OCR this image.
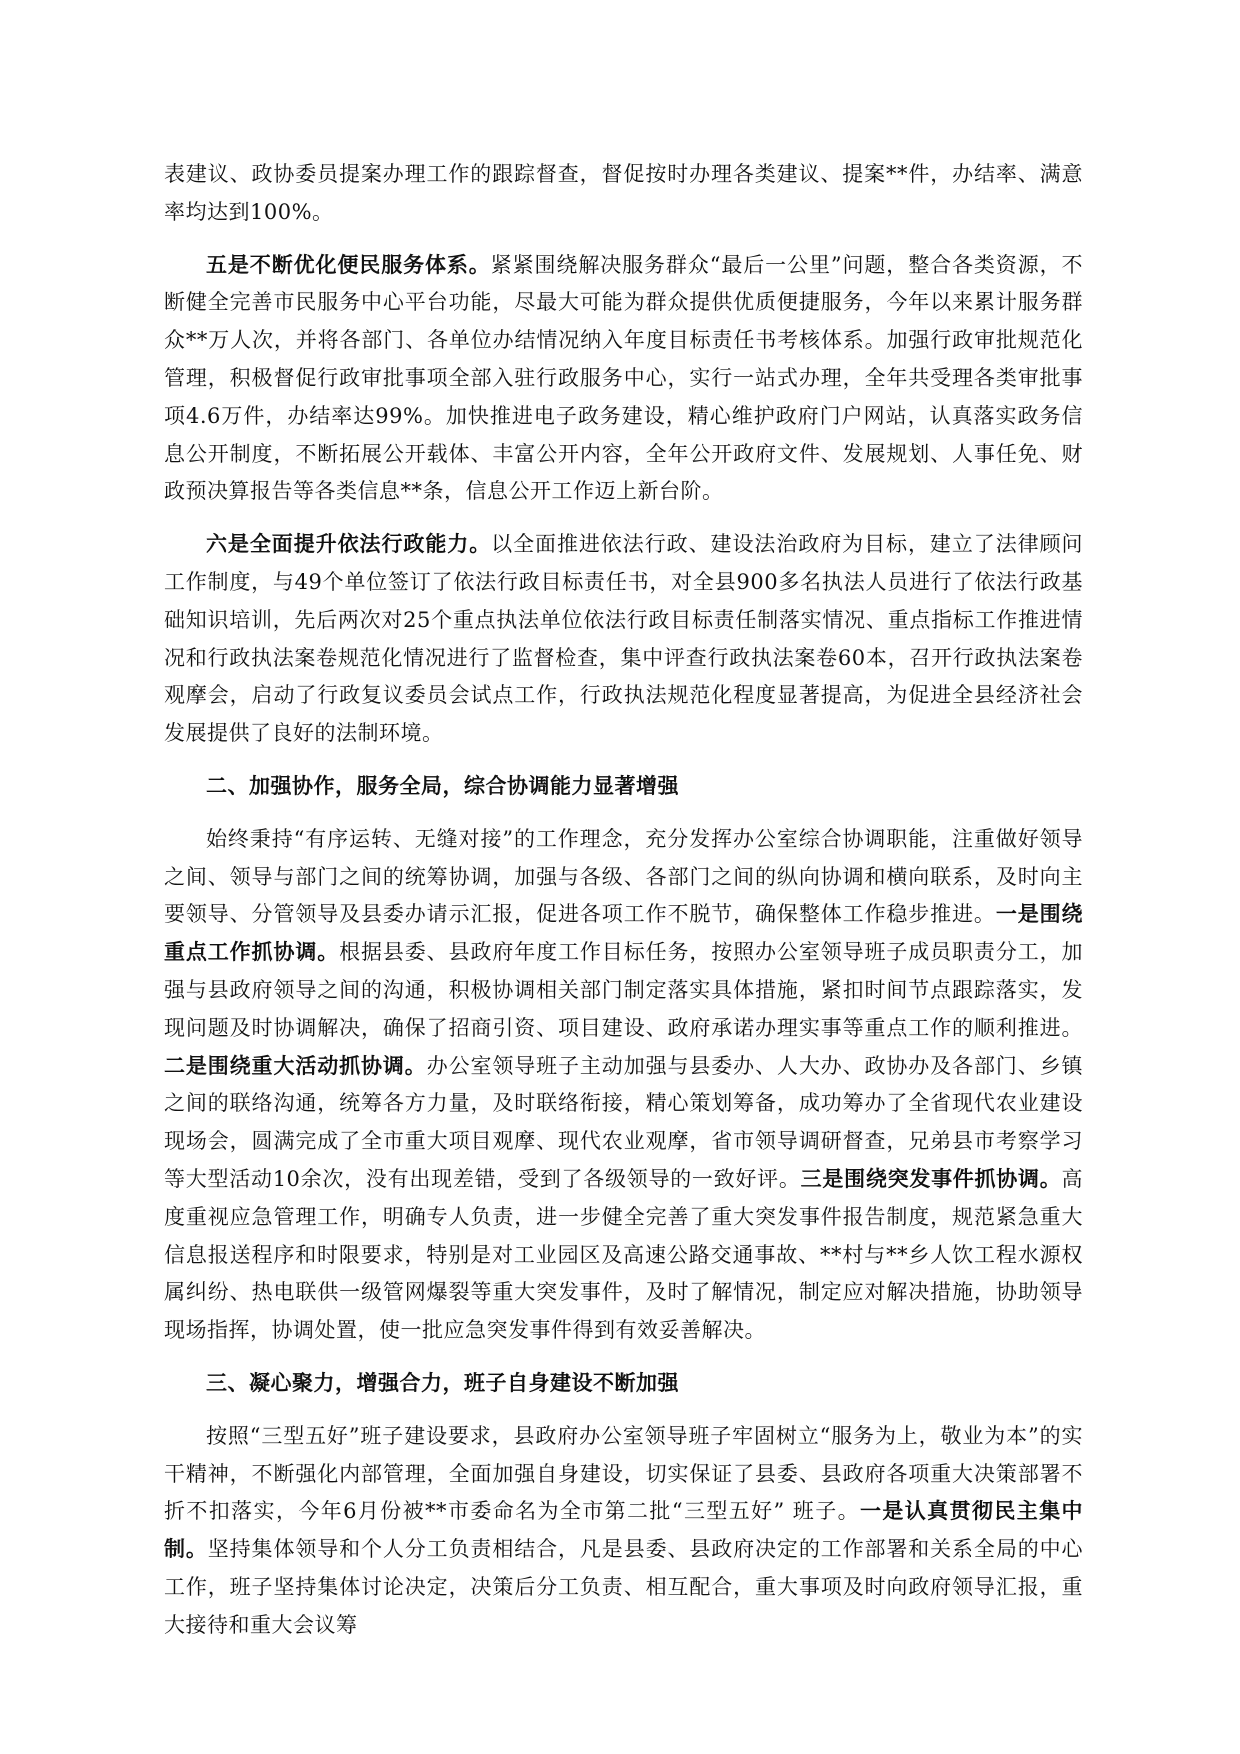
表建议、政协委员提案办理工作的跟踪督查，督促按时办理各类建议、提案**件，办结率、满意率均达到100%。

五是不断优化便民服务体系。紧紧围绕解决服务群众“最后一公里”问题，整合各类资源，不断健全完善市民服务中心平台功能，尽最大可能为群众提供优质便捷服务，今年以来累计服务群众**万人次，并将各部门、各单位办结情况纳入年度目标责任书考核体系。加强行政审批规范化管理，积极督促行政审批事项全部入驻行政服务中心，实行一站式办理，全年共受理各类审批事项4.6万件，办结率达99%。加快推进电子政务建设，精心维护政府门户网站，认真落实政务信息公开制度，不断拓展公开载体、丰富公开内容，全年公开政府文件、发展规划、人事任免、财政预决算报告等各类信息**条，信息公开工作迈上新台阶。

六是全面提升依法行政能力。以全面推进依法行政、建设法治政府为目标，建立了法律顾问工作制度，与49个单位签订了依法行政目标责任书，对全县900多名执法人员进行了依法行政基础知识培训，先后两次对25个重点执法单位依法行政目标责任制落实情况、重点指标工作推进情况和行政执法案卷规范化情况进行了监督检查，集中评查行政执法案卷60本，召开行政执法案卷观摩会，启动了行政复议委员会试点工作，行政执法规范化程度显著提高，为促进全县经济社会发展提供了良好的法制环境。

二、加强协作，服务全局，综合协调能力显著增强

始终秉持“有序运转、无缝对接”的工作理念，充分发挥办公室综合协调职能，注重做好领导之间、领导与部门之间的统筹协调，加强与各级、各部门之间的纵向协调和横向联系，及时向主要领导、分管领导及县委办请示汇报，促进各项工作不脱节，确保整体工作稳步推进。一是围绕重点工作抓协调。根据县委、县政府年度工作目标任务，按照办公室领导班子成员职责分工，加强与县政府领导之间的沟通，积极协调相关部门制定落实具体措施，紧扣时间节点跟踪落实，发现问题及时协调解决，确保了招商引资、项目建设、政府承诺办理实事等重点工作的顺利推进。二是围绕重大活动抓协调。办公室领导班子主动加强与县委办、人大办、政协办及各部门、乡镇之间的联络沟通，统筹各方力量，及时联络衔接，精心策划筹备，成功筹办了全省现代农业建设现场会，圆满完成了全市重大项目观摩、现代农业观摩，省市领导调研督查，兄弟县市考察学习等大型活动10余次，没有出现差错，受到了各级领导的一致好评。三是围绕突发事件抓协调。高度重视应急管理工作，明确专人负责，进一步健全完善了重大突发事件报告制度，规范紧急重大信息报送程序和时限要求，特别是对工业园区及高速公路交通事故、**村与**乡人饮工程水源权属纠纷、热电联供一级管网爆裂等重大突发事件，及时了解情况，制定应对解决措施，协助领导现场指挥，协调处置，使一批应急突发事件得到有效妥善解决。

三、凝心聚力，增强合力，班子自身建设不断加强

按照“三型五好”班子建设要求，县政府办公室领导班子牢固树立“服务为上，敬业为本”的实干精神，不断强化内部管理，全面加强自身建设，切实保证了县委、县政府各项重大决策部署不折不扣落实，今年6月份被**市委命名为全市第二批“三型五好” 班子。一是认真贯彻民主集中制。坚持集体领导和个人分工负责相结合，凡是县委、县政府决定的工作部署和关系全局的中心工作，班子坚持集体讨论决定，决策后分工负责、相互配合，重大事项及时向政府领导汇报，重大接待和重大会议筹
